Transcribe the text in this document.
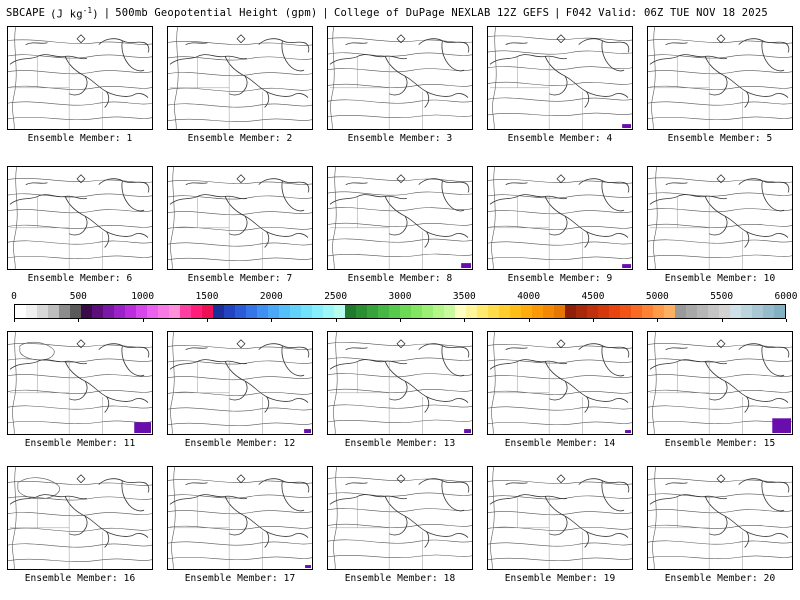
SBCAPE (J $kg^{-1}$) | 500mb Geopotential Height (gpm) | College of DuPage NEXLAB 12Z GEFS | F042 Valid: 06Z TUE NOV 18 2025
Ensemble Member: 1	Ensemble Member: 2	Ensemble Member: 3	Ensemble Member: 4	Ensemble Member: 5
Ensemble Member: 6	Ensemble Member: 7	Ensemble Member: 8	Ensemble Member: 9	Ensemble Member: 10
0	500	1000	1500	2000	2500	3000	3500	4000	4500	5000	5500	6000
Ensemble Member: 11	Ensemble Member: 12	Ensemble Member: 13	Ensemble Member: 14	Ensemble Member: 15
Ensemble Member: 16	Ensemble Member: 17	Ensemble Member: 18	Ensemble Member: 19	Ensemble Member: 20
